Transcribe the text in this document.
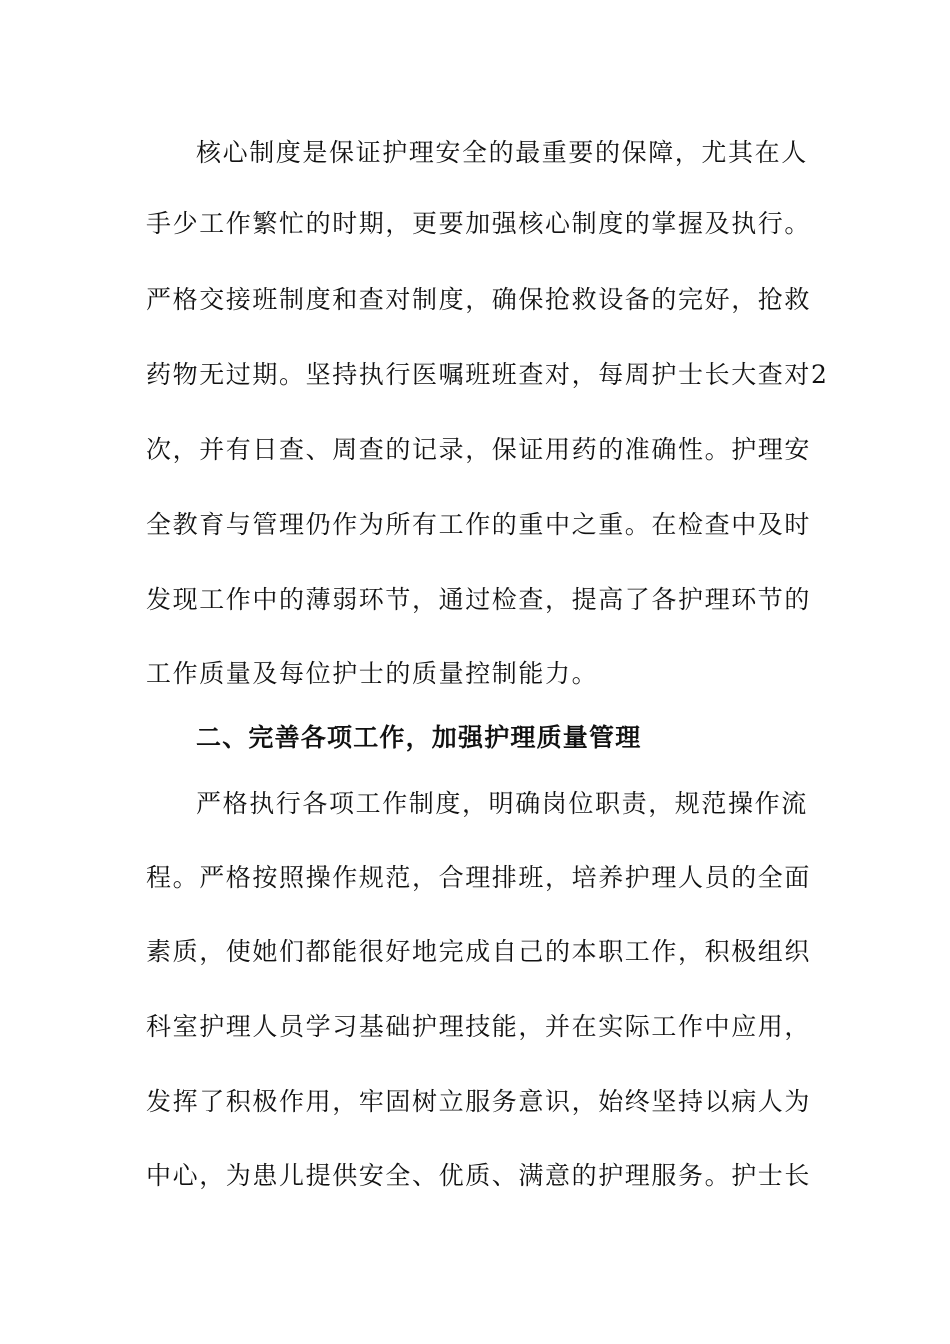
核心制度是保证护理安全的最重要的保障，尤其在人
手少工作繁忙的时期，更要加强核心制度的掌握及执行。
严格交接班制度和查对制度，确保抢救设备的完好，抢救
药物无过期。坚持执行医嘱班班查对，每周护士长大查对2
次，并有日查、周查的记录，保证用药的准确性。护理安
全教育与管理仍作为所有工作的重中之重。在检查中及时
发现工作中的薄弱环节，通过检查，提高了各护理环节的
工作质量及每位护士的质量控制能力。
二、完善各项工作，加强护理质量管理
严格执行各项工作制度，明确岗位职责，规范操作流
程。严格按照操作规范，合理排班，培养护理人员的全面
素质，使她们都能很好地完成自己的本职工作，积极组织
科室护理人员学习基础护理技能，并在实际工作中应用，
发挥了积极作用，牢固树立服务意识，始终坚持以病人为
中心，为患儿提供安全、优质、满意的护理服务。护士长
